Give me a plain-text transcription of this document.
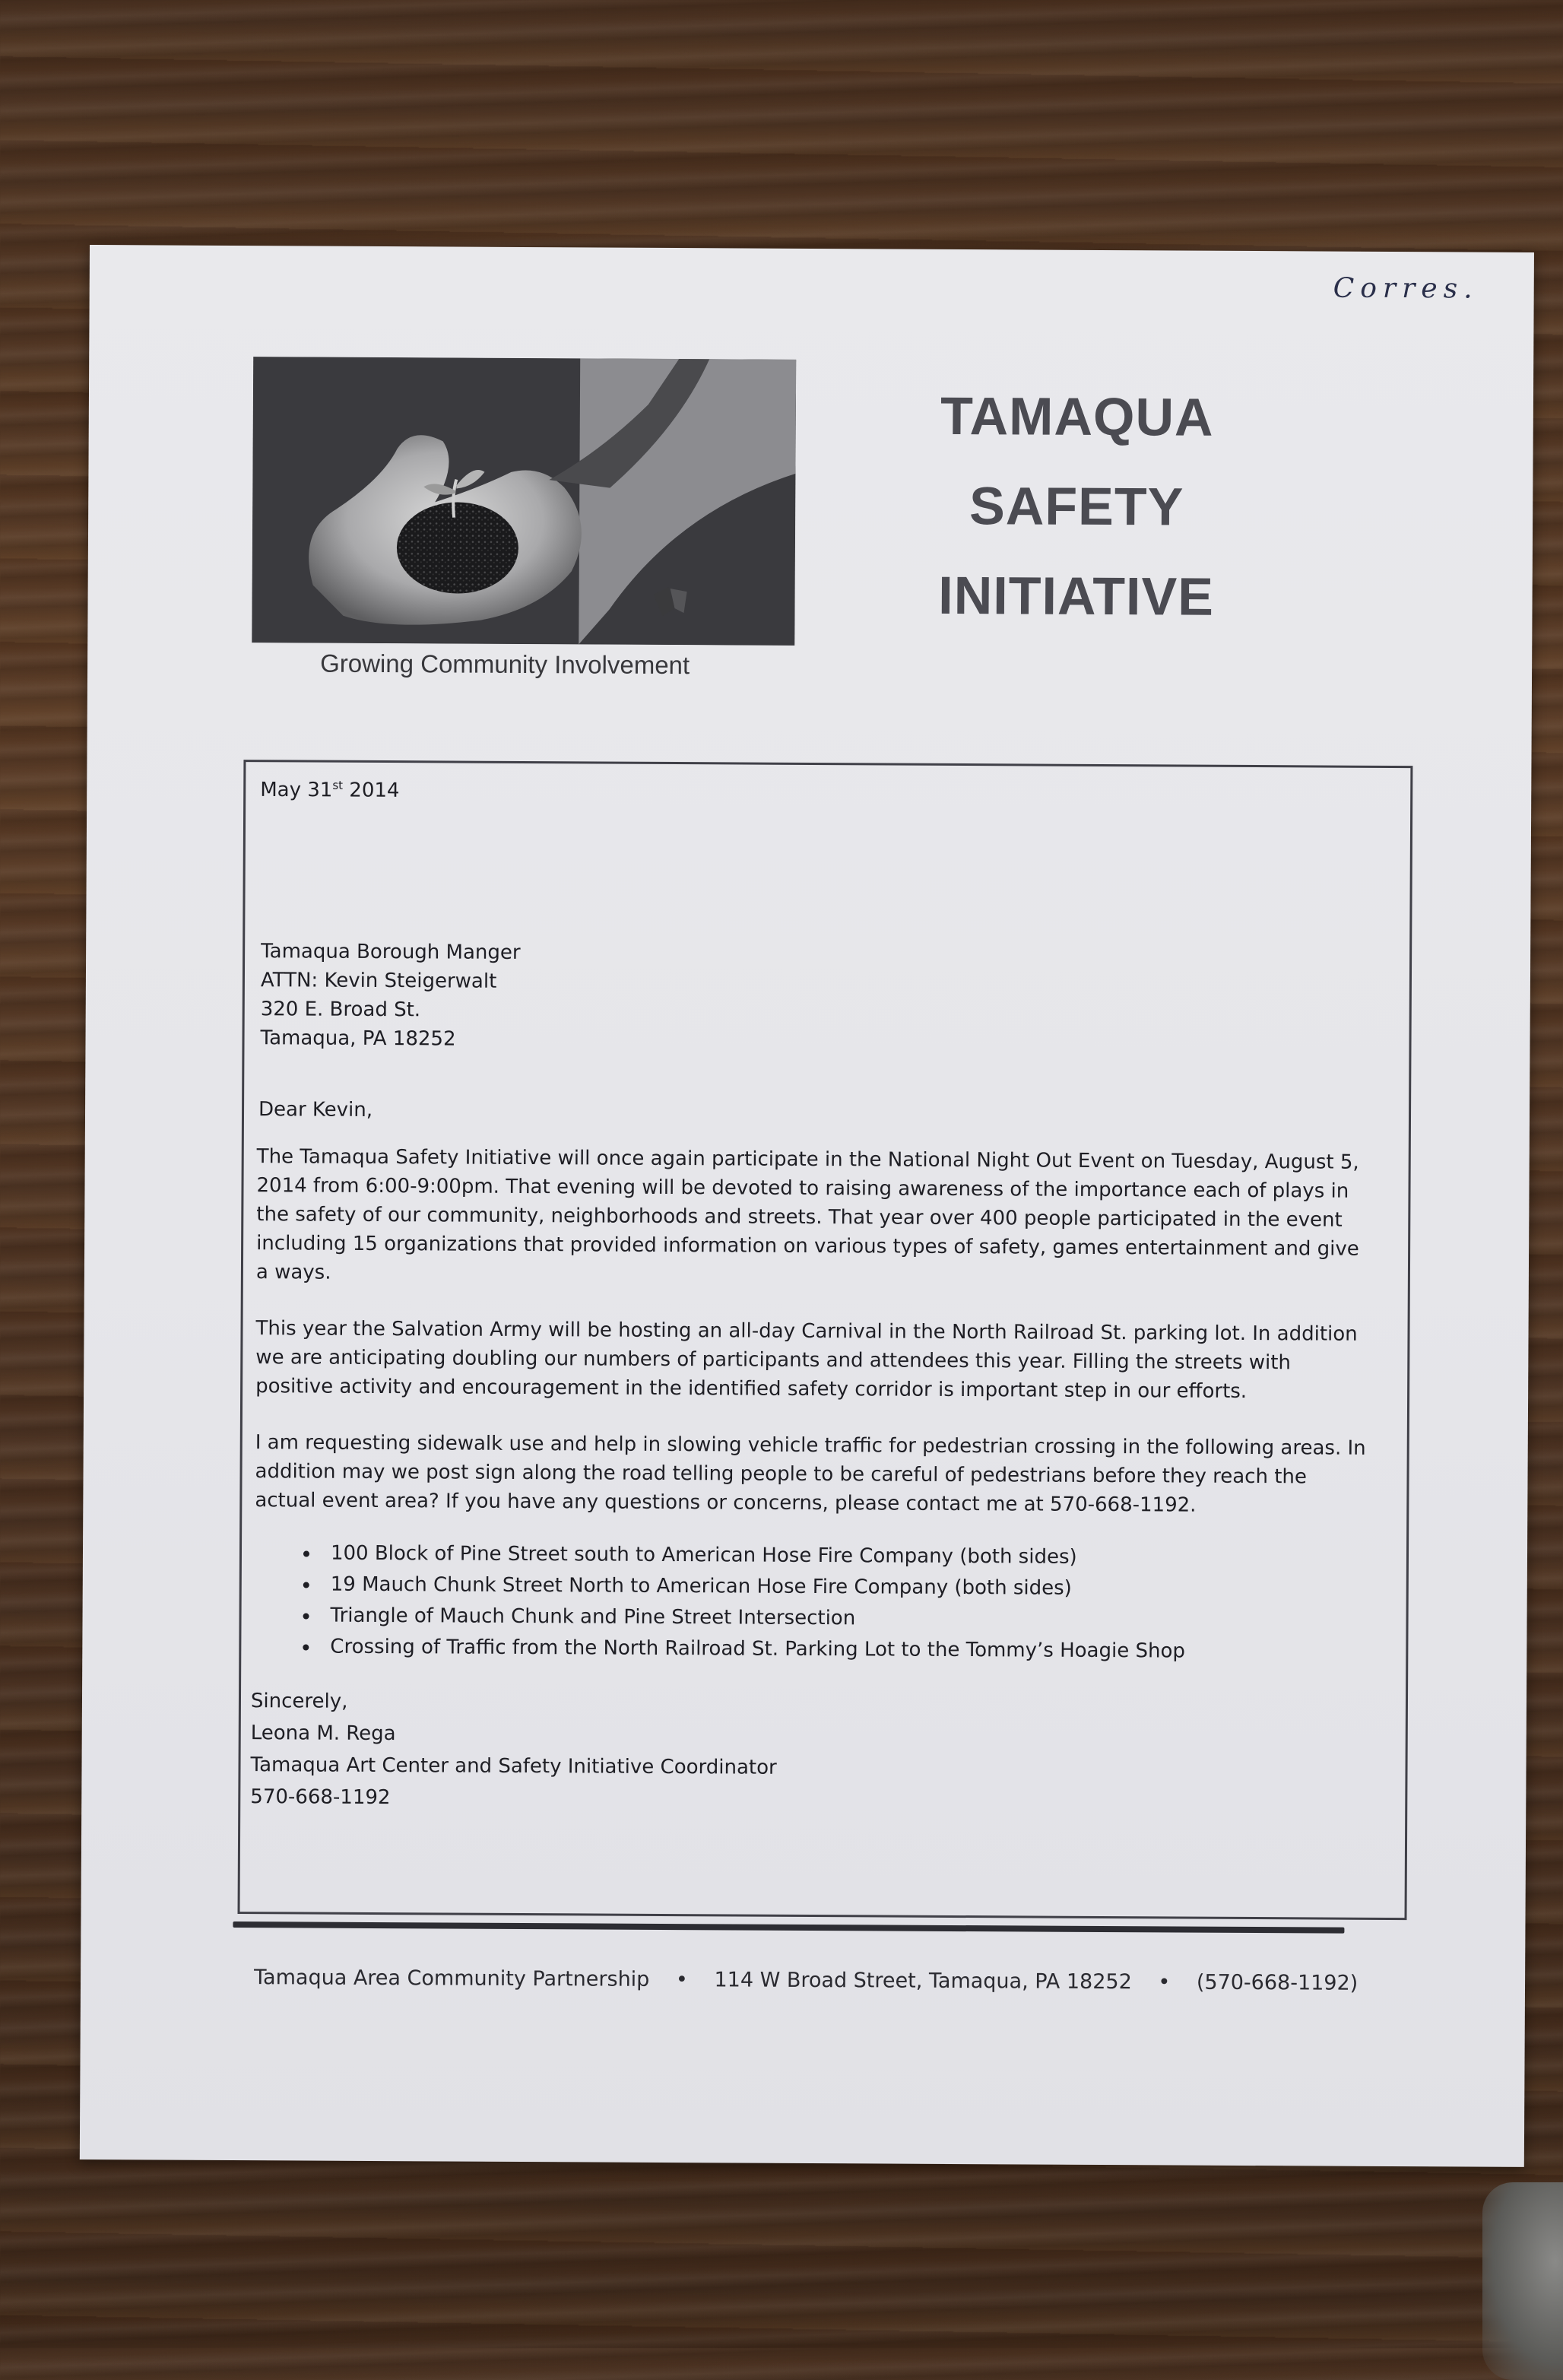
Corres.
Growing Community Involvement
TAMAQUA
SAFETY
INITIATIVE
May 31st 2014
Tamaqua Borough Manger
ATTN: Kevin Steigerwalt
320 E. Broad St.
Tamaqua, PA 18252
Dear Kevin,
The Tamaqua Safety Initiative will once again participate in the National Night Out Event on Tuesday, August 5, 2014 from 6:00-9:00pm. That evening will be devoted to raising awareness of the importance each of plays in the safety of our community, neighborhoods and streets. That year over 400 people participated in the event including 15 organizations that provided information on various types of safety, games entertainment and give a ways.
This year the Salvation Army will be hosting an all-day Carnival in the North Railroad St. parking lot. In addition we are anticipating doubling our numbers of participants and attendees this year. Filling the streets with positive activity and encouragement in the identified safety corridor is important step in our efforts.
I am requesting sidewalk use and help in slowing vehicle traffic for pedestrian crossing in the following areas. In addition may we post sign along the road telling people to be careful of pedestrians before they reach the actual event area? If you have any questions or concerns, please contact me at 570-668-1192.
• 100 Block of Pine Street south to American Hose Fire Company (both sides)
• 19 Mauch Chunk Street North to American Hose Fire Company (both sides)
• Triangle of Mauch Chunk and Pine Street Intersection
• Crossing of Traffic from the North Railroad St. Parking Lot to the Tommy’s Hoagie Shop
Sincerely,
Leona M. Rega
Tamaqua Art Center and Safety Initiative Coordinator
570-668-1192
Tamaqua Area Community Partnership • 114 W Broad Street, Tamaqua, PA 18252 • (570-668-1192)
